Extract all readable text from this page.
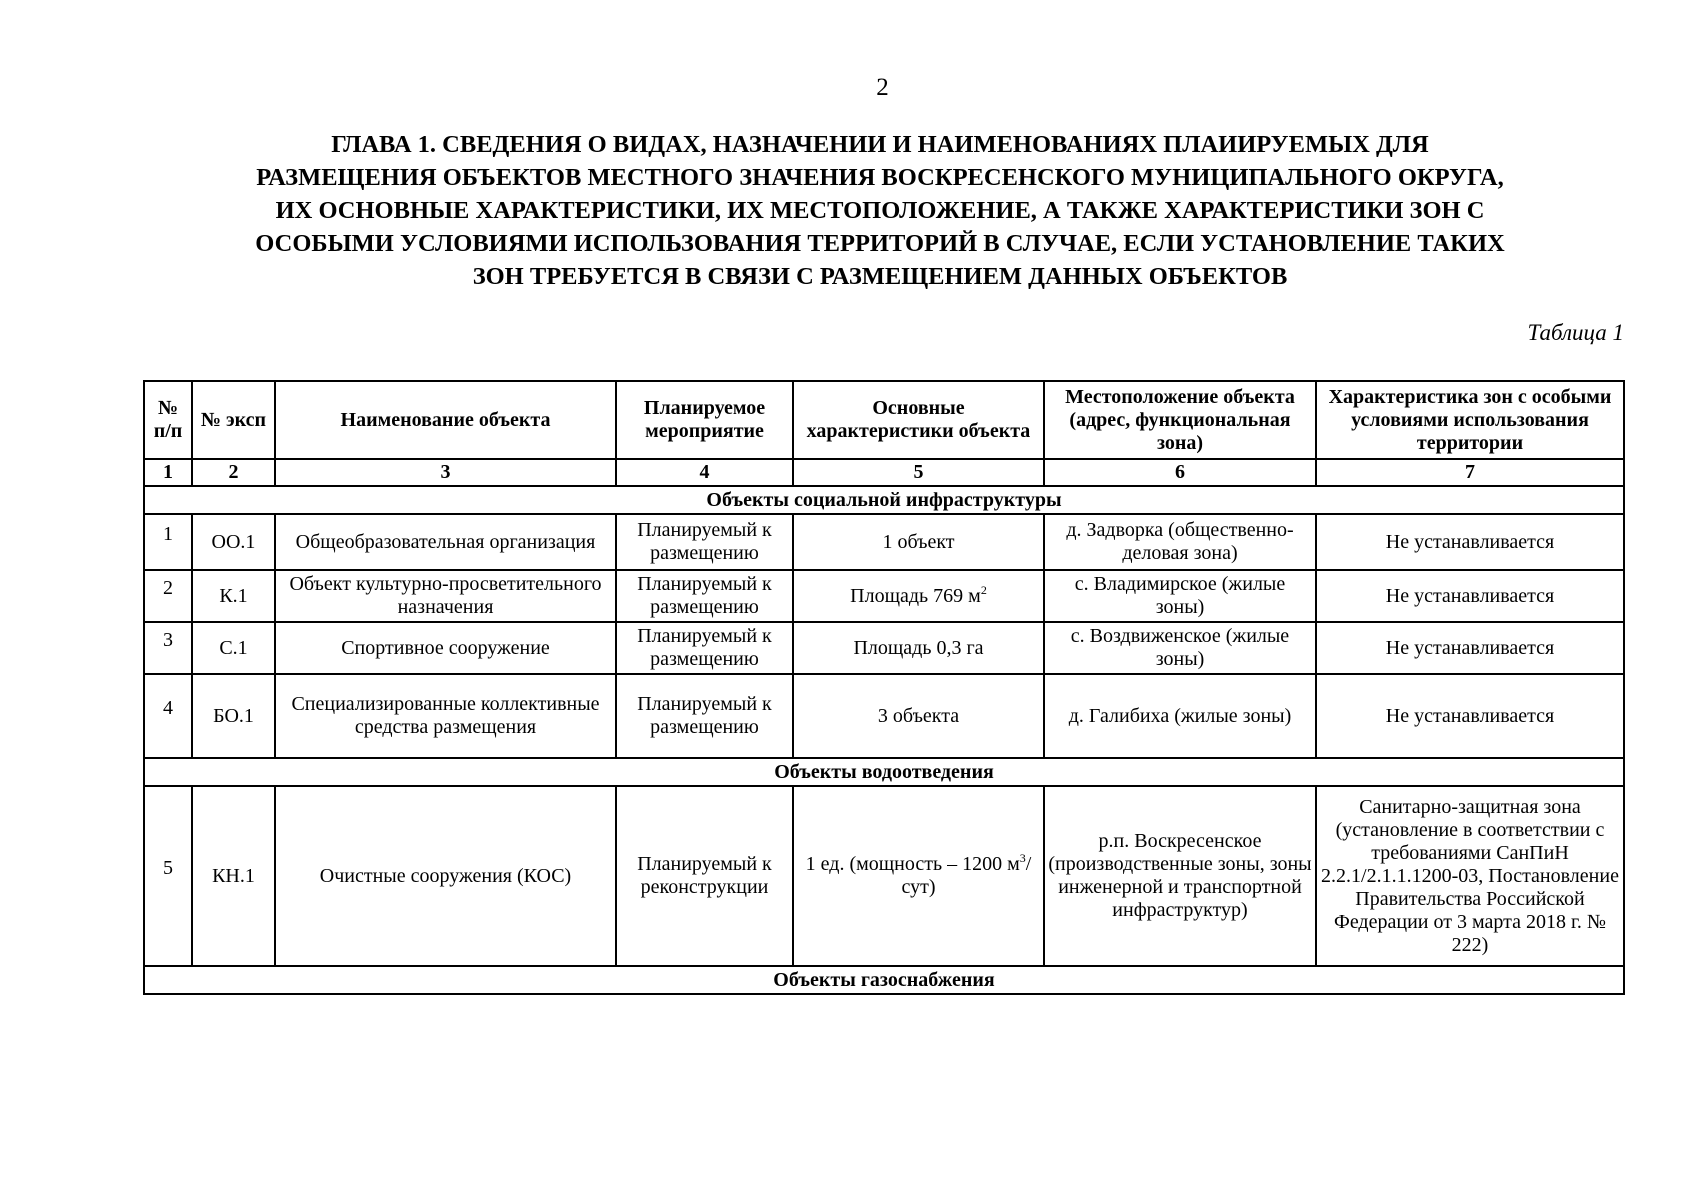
2
ГЛАВА 1. СВЕДЕНИЯ О ВИДАХ, НАЗНАЧЕНИИ И НАИМЕНОВАНИЯХ ПЛАИИРУЕМЫХ ДЛЯ
РАЗМЕЩЕНИЯ ОБЪЕКТОВ МЕСТНОГО ЗНАЧЕНИЯ ВОСКРЕСЕНСКОГО МУНИЦИПАЛЬНОГО ОКРУГА,
ИХ ОСНОВНЫЕ ХАРАКТЕРИСТИКИ, ИХ МЕСТОПОЛОЖЕНИЕ, А ТАКЖЕ ХАРАКТЕРИСТИКИ ЗОН С
ОСОБЫМИ УСЛОВИЯМИ ИСПОЛЬЗОВАНИЯ ТЕРРИТОРИЙ В СЛУЧАЕ, ЕСЛИ УСТАНОВЛЕНИЕ ТАКИХ
ЗОН ТРЕБУЕТСЯ В СВЯЗИ С РАЗМЕЩЕНИЕМ ДАННЫХ ОБЪЕКТОВ
Таблица 1
№ п/п	№ эксп	Наименование объекта	Планируемое мероприятие	Основные характеристики объекта	Местоположение объекта (адрес, функциональная зона)	Характеристика зон с особыми условиями использования территории
1	2	3	4	5	6	7
Объекты социальной инфраструктуры						
1	ОО.1	Общеобразовательная организация	Планируемый к размещению	1 объект	д. Задворка (общественно-деловая зона)	Не устанавливается
2	К.1	Объект культурно-просветительного назначения	Планируемый к размещению	Площадь 769 $м^2$	с. Владимирское (жилые зоны)	Не устанавливается
3	С.1	Спортивное сооружение	Планируемый к размещению	Площадь 0,3 га	с. Воздвиженское (жилые зоны)	Не устанавливается
4	БО.1	Специализированные коллективные средства размещения	Планируемый к размещению	3 объекта	д. Галибиха (жилые зоны)	Не устанавливается
Объекты водоотведения						
5	КН.1	Очистные сооружения (КОС)	Планируемый к реконструкции	1 ед. (мощность – 1200 $м^3/сут$)	р.п. Воскресенское (производственные зоны, зоны инженерной и транспортной инфраструктур)	Санитарно-защитная зона (установление в соответствии с требованиями СанПиН 2.2.1/2.1.1.1200-03, Постановление Правительства Российской Федерации от 3 марта 2018 г. № 222)
Объекты газоснабжения						
